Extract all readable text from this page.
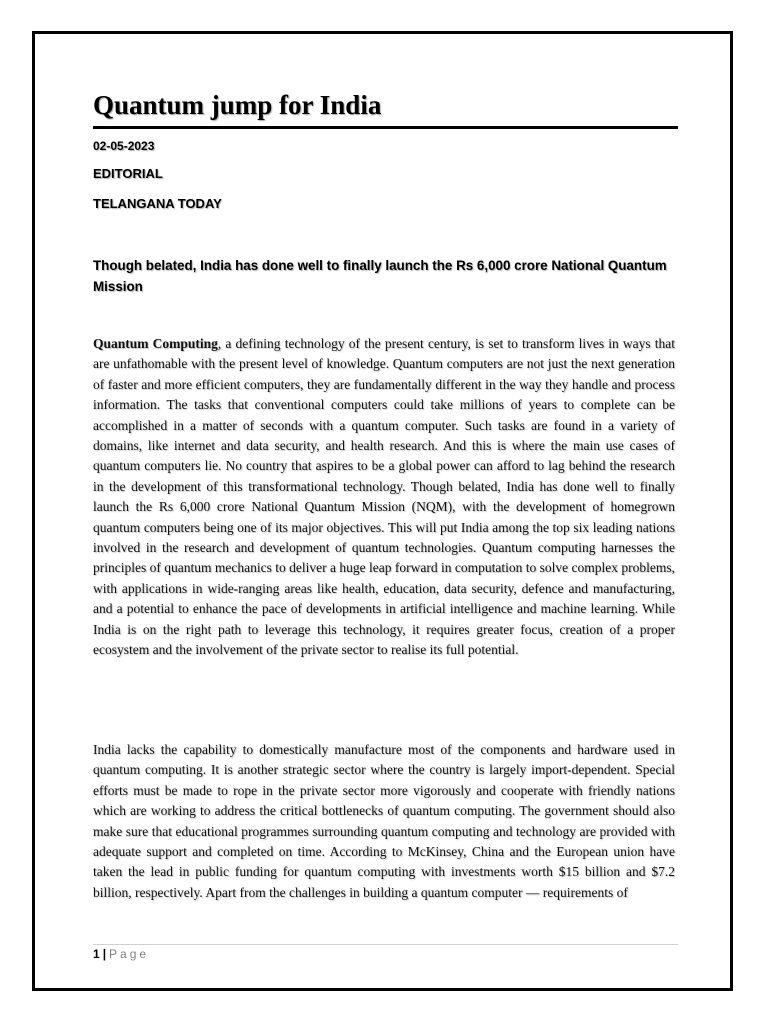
Quantum jump for India
02-05-2023
EDITORIAL
TELANGANA TODAY

Though belated, India has done well to finally launch the Rs 6,000 crore National Quantum Mission

Quantum Computing, a defining technology of the present century, is set to transform lives in ways that are unfathomable with the present level of knowledge. Quantum computers are not just the next generation of faster and more efficient computers, they are fundamentally different in the way they handle and process information. The tasks that conventional computers could take millions of years to complete can be accomplished in a matter of seconds with a quantum computer. Such tasks are found in a variety of domains, like internet and data security, and health research. And this is where the main use cases of quantum computers lie. No country that aspires to be a global power can afford to lag behind the research in the development of this transformational technology. Though belated, India has done well to finally launch the Rs 6,000 crore National Quantum Mission (NQM), with the development of homegrown quantum computers being one of its major objectives. This will put India among the top six leading nations involved in the research and development of quantum technologies. Quantum computing harnesses the principles of quantum mechanics to deliver a huge leap forward in computation to solve complex problems, with applications in wide-ranging areas like health, education, data security, defence and manufacturing, and a potential to enhance the pace of developments in artificial intelligence and machine learning. While India is on the right path to leverage this technology, it requires greater focus, creation of a proper ecosystem and the involvement of the private sector to realise its full potential.

India lacks the capability to domestically manufacture most of the components and hardware used in quantum computing. It is another strategic sector where the country is largely import-dependent. Special efforts must be made to rope in the private sector more vigorously and cooperate with friendly nations which are working to address the critical bottlenecks of quantum computing. The government should also make sure that educational programmes surrounding quantum computing and technology are provided with adequate support and completed on time. According to McKinsey, China and the European union have taken the lead in public funding for quantum computing with investments worth $15 billion and $7.2 billion, respectively. Apart from the challenges in building a quantum computer — requirements of

1 | Page
